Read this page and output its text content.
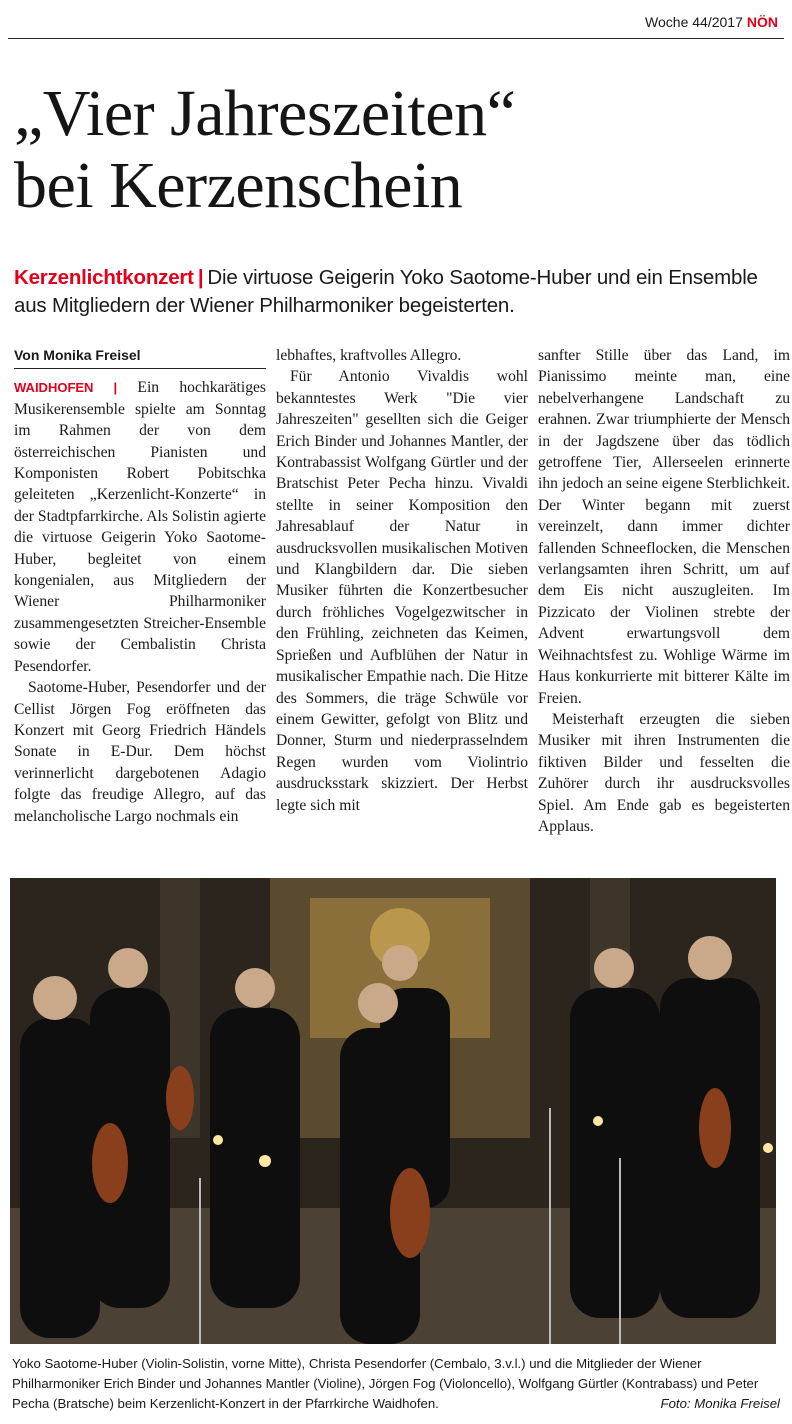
Woche 44/2017 NÖN
„Vier Jahreszeiten“
bei Kerzenschein
Kerzenlichtkonzert | Die virtuose Geigerin Yoko Saotome-Huber und ein Ensemble aus Mitgliedern der Wiener Philharmoniker begeisterten.

Von Monika Freisel

WAIDHOFEN | Ein hochkarätiges Musikerensemble spielte am Sonntag im Rahmen der von dem österreichischen Pianisten und Komponisten Robert Pobitschka geleiteten „Kerzenlicht-Konzerte“ in der Stadtpfarrkirche. Als Solistin agierte die virtuose Geigerin Yoko Saotome-Huber, begleitet von einem kongenialen, aus Mitgliedern der Wiener Philharmoniker zusammengesetzten Streicher-Ensemble sowie der Cembalistin Christa Pesendorfer.

Saotome-Huber, Pesendorfer und der Cellist Jörgen Fog eröffneten das Konzert mit Georg Friedrich Händels Sonate in E-Dur. Dem höchst verinnerlicht dargebotenen Adagio folgte das freudige Allegro, auf das melancholische Largo nochmals ein

lebhaftes, kraftvolles Allegro.

Für Antonio Vivaldis wohl bekanntestes Werk "Die vier Jahreszeiten" gesellten sich die Geiger Erich Binder und Johannes Mantler, der Kontrabassist Wolfgang Gürtler und der Bratschist Peter Pecha hinzu. Vivaldi stellte in seiner Komposition den Jahresablauf der Natur in ausdrucksvollen musikalischen Motiven und Klangbildern dar. Die sieben Musiker führten die Konzertbesucher durch fröhliches Vogelgezwitscher in den Frühling, zeichneten das Keimen, Sprießen und Aufblühen der Natur in musikalischer Empathie nach. Die Hitze des Sommers, die träge Schwüle vor einem Gewitter, gefolgt von Blitz und Donner, Sturm und niederprasselndem Regen wurden vom Violintrio ausdrucksstark skizziert. Der Herbst legte sich mit

sanfter Stille über das Land, im Pianissimo meinte man, eine nebelverhangene Landschaft zu erahnen. Zwar triumphierte der Mensch in der Jagdszene über das tödlich getroffene Tier, Allerseelen erinnerte ihn jedoch an seine eigene Sterblichkeit. Der Winter begann mit zuerst vereinzelt, dann immer dichter fallenden Schneeflocken, die Menschen verlangsamten ihren Schritt, um auf dem Eis nicht auszugleiten. Im Pizzicato der Violinen strebte der Advent erwartungsvoll dem Weihnachtsfest zu. Wohlige Wärme im Haus konkurrierte mit bitterer Kälte im Freien.

Meisterhaft erzeugten die sieben Musiker mit ihren Instrumenten die fiktiven Bilder und fesselten die Zuhörer durch ihr ausdrucksvolles Spiel. Am Ende gab es begeisterten Applaus.

Yoko Saotome-Huber (Violin-Solistin, vorne Mitte), Christa Pesendorfer (Cembalo, 3.v.l.) und die Mitglieder der Wiener Philharmoniker Erich Binder und Johannes Mantler (Violine), Jörgen Fog (Violoncello), Wolfgang Gürtler (Kontrabass) und Peter Pecha (Bratsche) beim Kerzenlicht-Konzert in der Pfarrkirche Waidhofen.	Foto: Monika Freisel
